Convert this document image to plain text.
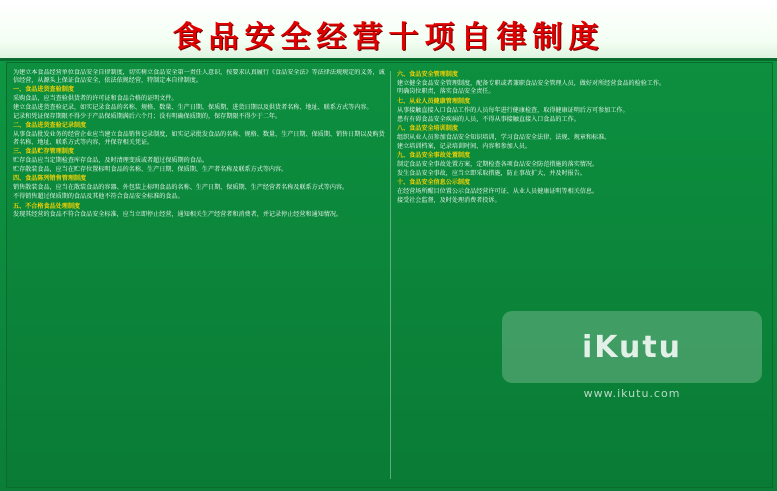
食品安全经营十项自律制度
为建立本食品经营单位食品安全自律制度，切实树立食品安全第一责任人意识，按要求认真履行《食品安全法》等法律法规规定的义务，诚信经营，从源头上保证食品安全，依法依规经营，特制定本自律制度。
一、食品进货查验制度
采购食品，应当查验供货者的许可证和食品合格的证明文件。
建立食品进货查验记录，如实记录食品的名称、规格、数量、生产日期、保质期、进货日期以及供货者名称、地址、联系方式等内容。
记录和凭证保存期限不得少于产品保质期满后六个月；没有明确保质期的，保存期限不得少于二年。
二、食品进货查验记录制度
从事食品批发业务的经营企业应当建立食品销售记录制度，如实记录批发食品的名称、规格、数量、生产日期、保质期、销售日期以及购货者名称、地址、联系方式等内容，并保存相关凭证。
三、食品贮存管理制度
贮存食品应当定期检查库存食品，及时清理变质或者超过保质期的食品。
贮存散装食品，应当在贮存位置标明食品的名称、生产日期、保质期、生产者名称及联系方式等内容。
四、食品陈列销售管理制度
销售散装食品，应当在散装食品的容器、外包装上标明食品的名称、生产日期、保质期、生产经营者名称及联系方式等内容。
不得销售超过保质期的食品及其他不符合食品安全标准的食品。
五、不合格食品处理制度
发现其经营的食品不符合食品安全标准，应当立即停止经营，通知相关生产经营者和消费者，并记录停止经营和通知情况。
六、食品安全管理制度
建立健全食品安全管理制度，配备专职或者兼职食品安全管理人员，做好对所经营食品的检验工作。
明确岗位职责，落实食品安全责任。
七、从业人员健康管理制度
从事接触直接入口食品工作的人员每年进行健康检查，取得健康证明后方可参加工作。
患有有碍食品安全疾病的人员，不得从事接触直接入口食品的工作。
八、食品安全培训制度
组织从业人员参加食品安全知识培训，学习食品安全法律、法规、规章和标准。
建立培训档案，记录培训时间、内容和参加人员。
九、食品安全事故处置制度
制定食品安全事故处置方案，定期检查各项食品安全防范措施的落实情况。
发生食品安全事故，应当立即采取措施，防止事故扩大，并及时报告。
十、食品安全信息公示制度
在经营场所醒目位置公示食品经营许可证、从业人员健康证明等相关信息。
接受社会监督，及时处理消费者投诉。
iKutu
www.ikutu.com
